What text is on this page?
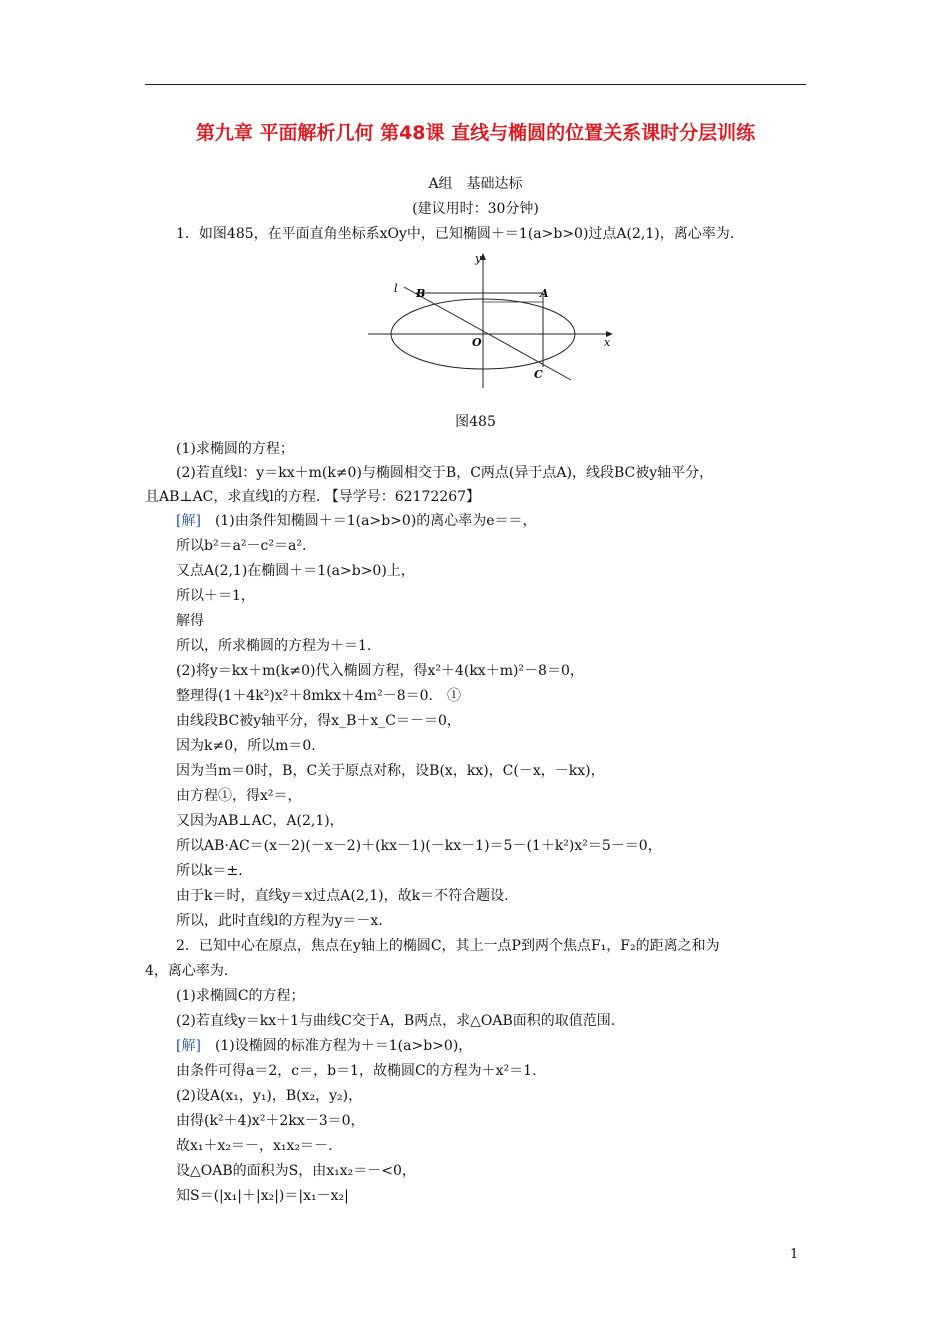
第九章 平面解析几何 第48课 直线与椭圆的位置关系课时分层训练
A组　基础达标
(建议用时：30分钟)
1．如图485，在平面直角坐标系xOy中，已知椭圆＋＝1(a>b>0)过点A(2,1)，离心率为.
y
l B	A
O	x
C
图485
(1)求椭圆的方程；
(2)若直线l：y＝kx＋m(k≠0)与椭圆相交于B，C两点(异于点A)，线段BC被y轴平分，
且AB⊥AC，求直线l的方程. 【导学号：62172267】
[解]　 (1)由条件知椭圆＋＝1(a>b>0)的离心率为e＝＝，
所以b²＝a²－c²＝a².
又点A(2,1)在椭圆＋＝1(a>b>0)上，
所以＋＝1，
解得
所以，所求椭圆的方程为＋＝1.
(2)将y＝kx＋m(k≠0)代入椭圆方程，得x²＋4(kx＋m)²－8＝0，
整理得(1＋4k²)x²＋8mkx＋4m²－8＝0.　①
由线段BC被y轴平分，得x_B＋x_C＝－＝0，
因为k≠0，所以m＝0.
因为当m＝0时，B，C关于原点对称，设B(x，kx)，C(－x，－kx)，
由方程①，得x²＝，
又因为AB⊥AC，A(2,1)，
所以AB·AC＝(x－2)(－x－2)＋(kx－1)(－kx－1)＝5－(1＋k²)x²＝5－＝0，
所以k＝±.
由于k＝时，直线y＝x过点A(2,1)，故k＝不符合题设.
所以，此时直线l的方程为y＝－x.
2．已知中心在原点，焦点在y轴上的椭圆C，其上一点P到两个焦点F₁，F₂的距离之和为
4，离心率为.
(1)求椭圆C的方程；
(2)若直线y＝kx＋1与曲线C交于A，B两点，求△OAB面积的取值范围.
[解]　 (1)设椭圆的标准方程为＋＝1(a>b>0)，
由条件可得a＝2，c＝，b＝1，故椭圆C的方程为＋x²＝1.
(2)设A(x₁，y₁)，B(x₂，y₂)，
由得(k²＋4)x²＋2kx－3＝0，
故x₁＋x₂＝－，x₁x₂＝－.
设△OAB的面积为S，由x₁x₂＝－<0，
知S＝(|x₁|＋|x₂|)＝|x₁－x₂|
1
